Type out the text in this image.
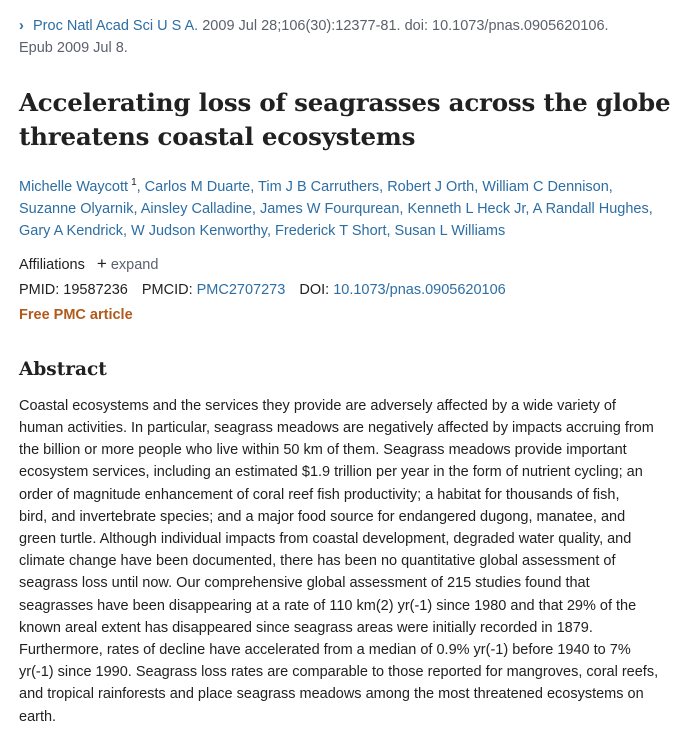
› Proc Natl Acad Sci U S A. 2009 Jul 28;106(30):12377-81. doi: 10.1073/pnas.0905620106.
Epub 2009 Jul 8.
Accelerating loss of seagrasses across the globe
threatens coastal ecosystems
Michelle Waycott $^1$, Carlos M Duarte, Tim J B Carruthers, Robert J Orth, William C Dennison,
Suzanne Olyarnik, Ainsley Calladine, James W Fourqurean, Kenneth L Heck Jr, A Randall Hughes,
Gary A Kendrick, W Judson Kenworthy, Frederick T Short, Susan L Williams
Affiliations + expand
PMID: 19587236 PMCID: PMC2707273 DOI: 10.1073/pnas.0905620106
Free PMC article
Abstract
Coastal ecosystems and the services they provide are adversely affected by a wide variety of
human activities. In particular, seagrass meadows are negatively affected by impacts accruing from
the billion or more people who live within 50 km of them. Seagrass meadows provide important
ecosystem services, including an estimated $1.9 trillion per year in the form of nutrient cycling; an
order of magnitude enhancement of coral reef fish productivity; a habitat for thousands of fish,
bird, and invertebrate species; and a major food source for endangered dugong, manatee, and
green turtle. Although individual impacts from coastal development, degraded water quality, and
climate change have been documented, there has been no quantitative global assessment of
seagrass loss until now. Our comprehensive global assessment of 215 studies found that
seagrasses have been disappearing at a rate of 110 km(2) yr(-1) since 1980 and that 29% of the
known areal extent has disappeared since seagrass areas were initially recorded in 1879.
Furthermore, rates of decline have accelerated from a median of 0.9% yr(-1) before 1940 to 7%
yr(-1) since 1990. Seagrass loss rates are comparable to those reported for mangroves, coral reefs,
and tropical rainforests and place seagrass meadows among the most threatened ecosystems on
earth.
